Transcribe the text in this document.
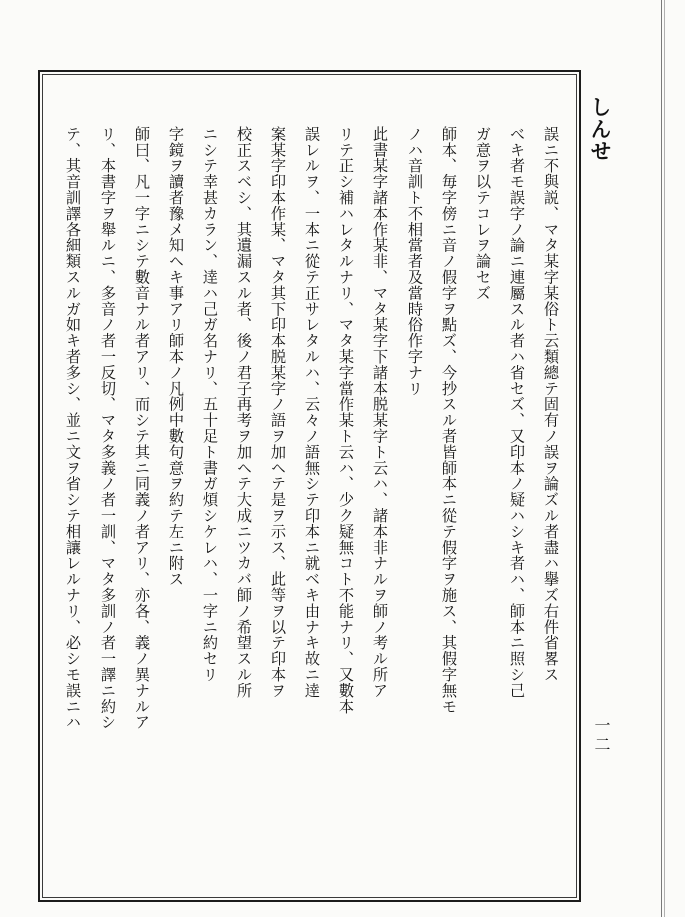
しんせ
一二
誤ニ不與説、マタ某字某俗ト云類總テ固有ノ誤ヲ論ズル者盡ハ擧ズ右件省畧ス
べキ者モ誤字ノ論ニ連屬スル者ハ省セズ、又印本ノ疑ハシキ者ハ、師本ニ照シ己
ガ意ヲ以テコレヲ論セズ
師本、毎字傍ニ音ノ假字ヲ點ズ、今抄スル者皆師本ニ從テ假字ヲ施ス、其假字無モ
ノハ音訓ト不相當者及當時俗作字ナリ
此書某字諸本作某非、マタ某字下諸本脱某字ト云ハ、諸本非ナルヲ師ノ考ル所ア
リテ正シ補ハレタルナリ、マタ某字當作某ト云ハ、少ク疑無コト不能ナリ、又數本
誤レルヲ、一本ニ從テ正サレタルハ、云々ノ語無シテ印本ニ就ベキ由ナキ故ニ逹
案某字印本作某、マタ其下印本脱某字ノ語ヲ加ヘテ是ヲ示ス、此等ヲ以テ印本ヲ
校正スベシ、其遺漏スル者、後ノ君子再考ヲ加ヘテ大成ニツカバ師ノ希望スル所
ニシテ幸甚カラン、逹ハ己ガ名ナリ、五十足ト書ガ煩シケレハ、一字ニ約セリ
字鏡ヲ讀者豫メ知ヘキ事アリ師本ノ凡例中數句意ヲ約テ左ニ附ス
師曰、凡一字ニシテ數音ナル者アリ、而シテ其ニ同義ノ者アリ、亦各、義ノ異ナルア
リ、本書字ヲ舉ルニ、多音ノ者一反切、マタ多義ノ者一訓、マタ多訓ノ者一譯ニ約シ
テ、其音訓譯各細類スルガ如キ者多シ、並ニ文ヲ省シテ相讓レルナリ、必シモ誤ニハ
